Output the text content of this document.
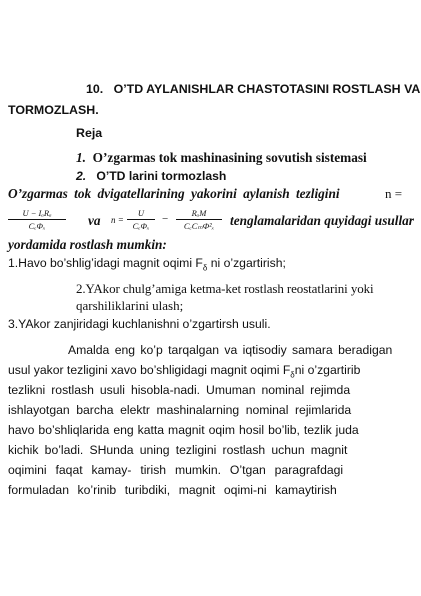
10. O’TD AYLANISHLAR CHASTOTASINI ROSTLASH VA
TORMOZLASH.
Reja
1. O’zgarmas tok mashinasining sovutish sistemasi
2. O’TD larini tormozlash
O’zgarmas tok dvigatellarining yakorini aylanish tezligini	n =
U − IₐRₐ
CₑΦₓ	va n =
U
CₑΦₓ
−	RₐM
CₑCₘΦ²ₓ	tenglamalaridan quyidagi usullar
yordamida rostlash mumkin:
1.Havo bo’shlig’idagi magnit oqimi $F_\delta$ ni o’zgartirish;
2.YAkor chulg’amiga ketma-ket rostlash reostatlarini yoki
qarshiliklarini ulash;
3.YAkor zanjiridagi kuchlanishni o’zgartirsh usuli.
Amalda eng ko’p tarqalgan va iqtisodiy samara beradigan
usul yakor tezligini xavo bo’shligidagi magnit oqimi $F_\delta ni$ o’zgartirib
tezlikni rostlash usuli hisobla-nadi. Umuman nominal rejimda
ishlayotgan barcha elektr mashinalarning nominal rejimlarida
havo bo’shliqlarida eng katta magnit oqim hosil bo’lib, tezlik juda
kichik bo’ladi. SHunda uning tezligini rostlash uchun magnit
oqimini faqat kamay- tirish mumkin. O’tgan paragrafdagi
formuladan ko’rinib turibdiki, magnit oqimi-ni kamaytirish
